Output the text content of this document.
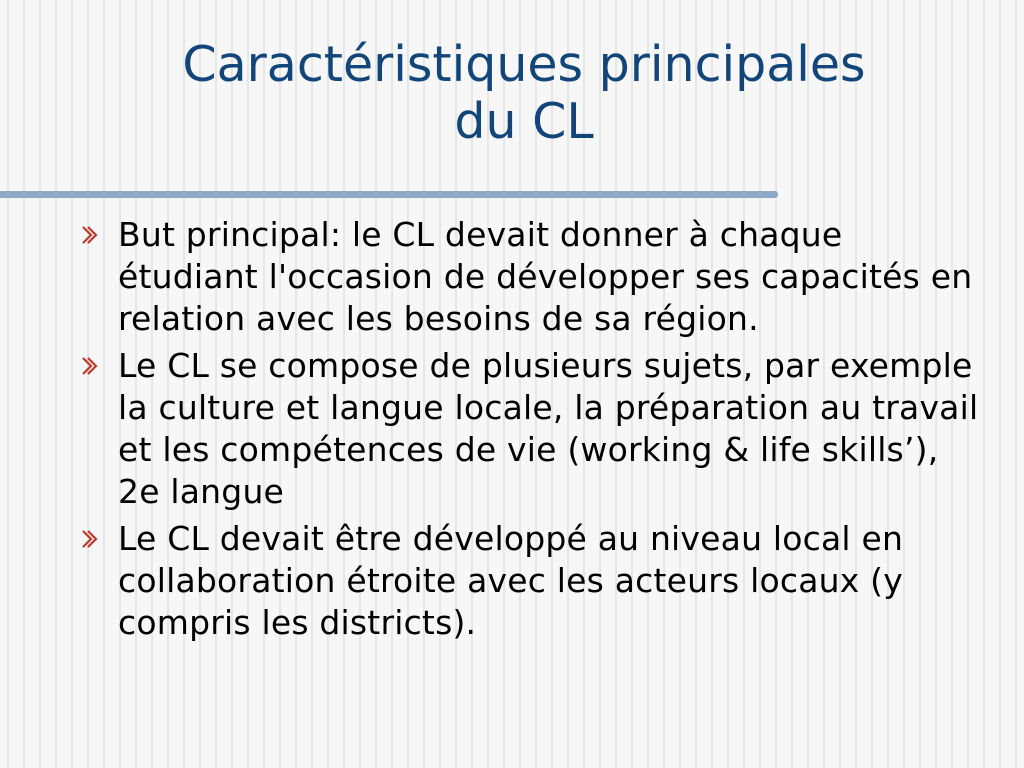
Caractéristiques principales
du CL
But principal: le CL devait donner à chaque étudiant l'occasion de développer ses capacités en relation avec les besoins de sa région.
Le CL se compose de plusieurs sujets, par exemple la culture et langue locale, la préparation au travail et les compétences de vie (working & life skills’), 2e langue
Le CL devait être développé au niveau local en collaboration étroite avec les acteurs locaux (y compris les districts).
